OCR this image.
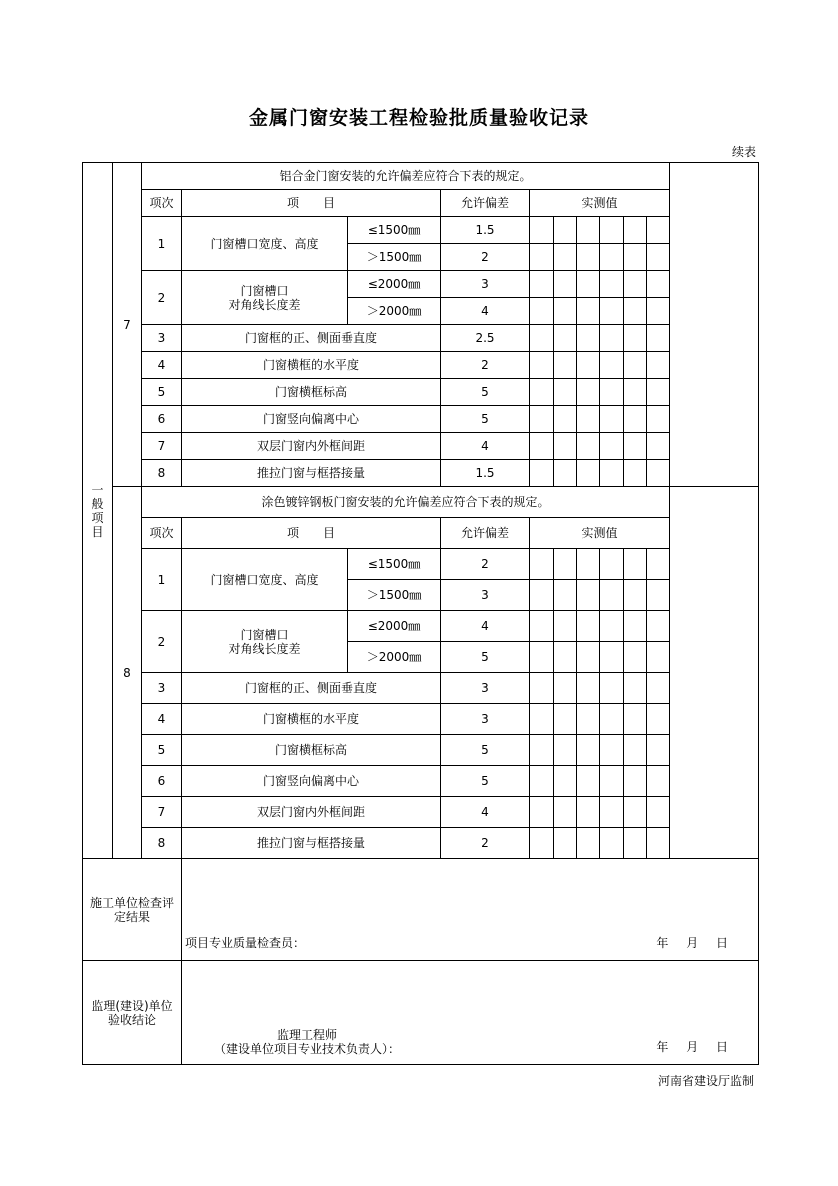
金属门窗安装工程检验批质量验收记录
续表
一
般
项
目	7	铝合金门窗安装的允许偏差应符合下表的规定。										
		项次	项　　目		允许偏差	实测值						
		1	门窗槽口宽度、高度	≤1500㎜	1.5							
				＞1500㎜	2							
		2	门窗槽口
对角线长度差	≤2000㎜	3							
				＞2000㎜	4							
		3	门窗框的正、侧面垂直度		2.5							
		4	门窗横框的水平度		2							
		5	门窗横框标高		5							
		6	门窗竖向偏离中心		5							
		7	双层门窗内外框间距		4							
		8	推拉门窗与框搭接量		1.5							
	8	涂色镀锌钢板门窗安装的允许偏差应符合下表的规定。										
		项次	项　　目		允许偏差	实测值						
		1	门窗槽口宽度、高度	≤1500㎜	2							
				＞1500㎜	3							
		2	门窗槽口
对角线长度差	≤2000㎜	4							
				＞2000㎜	5							
		3	门窗框的正、侧面垂直度		3							
		4	门窗横框的水平度		3							
		5	门窗横框标高		5							
		6	门窗竖向偏离中心		5							
		7	双层门窗内外框间距		4							
		8	推拉门窗与框搭接量		2							
施工单位检查评
定结果			项目专业质量检查员： 年 月 日									

监理(建设)单位
验收结论			监理工程师
（建设单位项目专业技术负责人）： 年 月 日									
河南省建设厅监制
